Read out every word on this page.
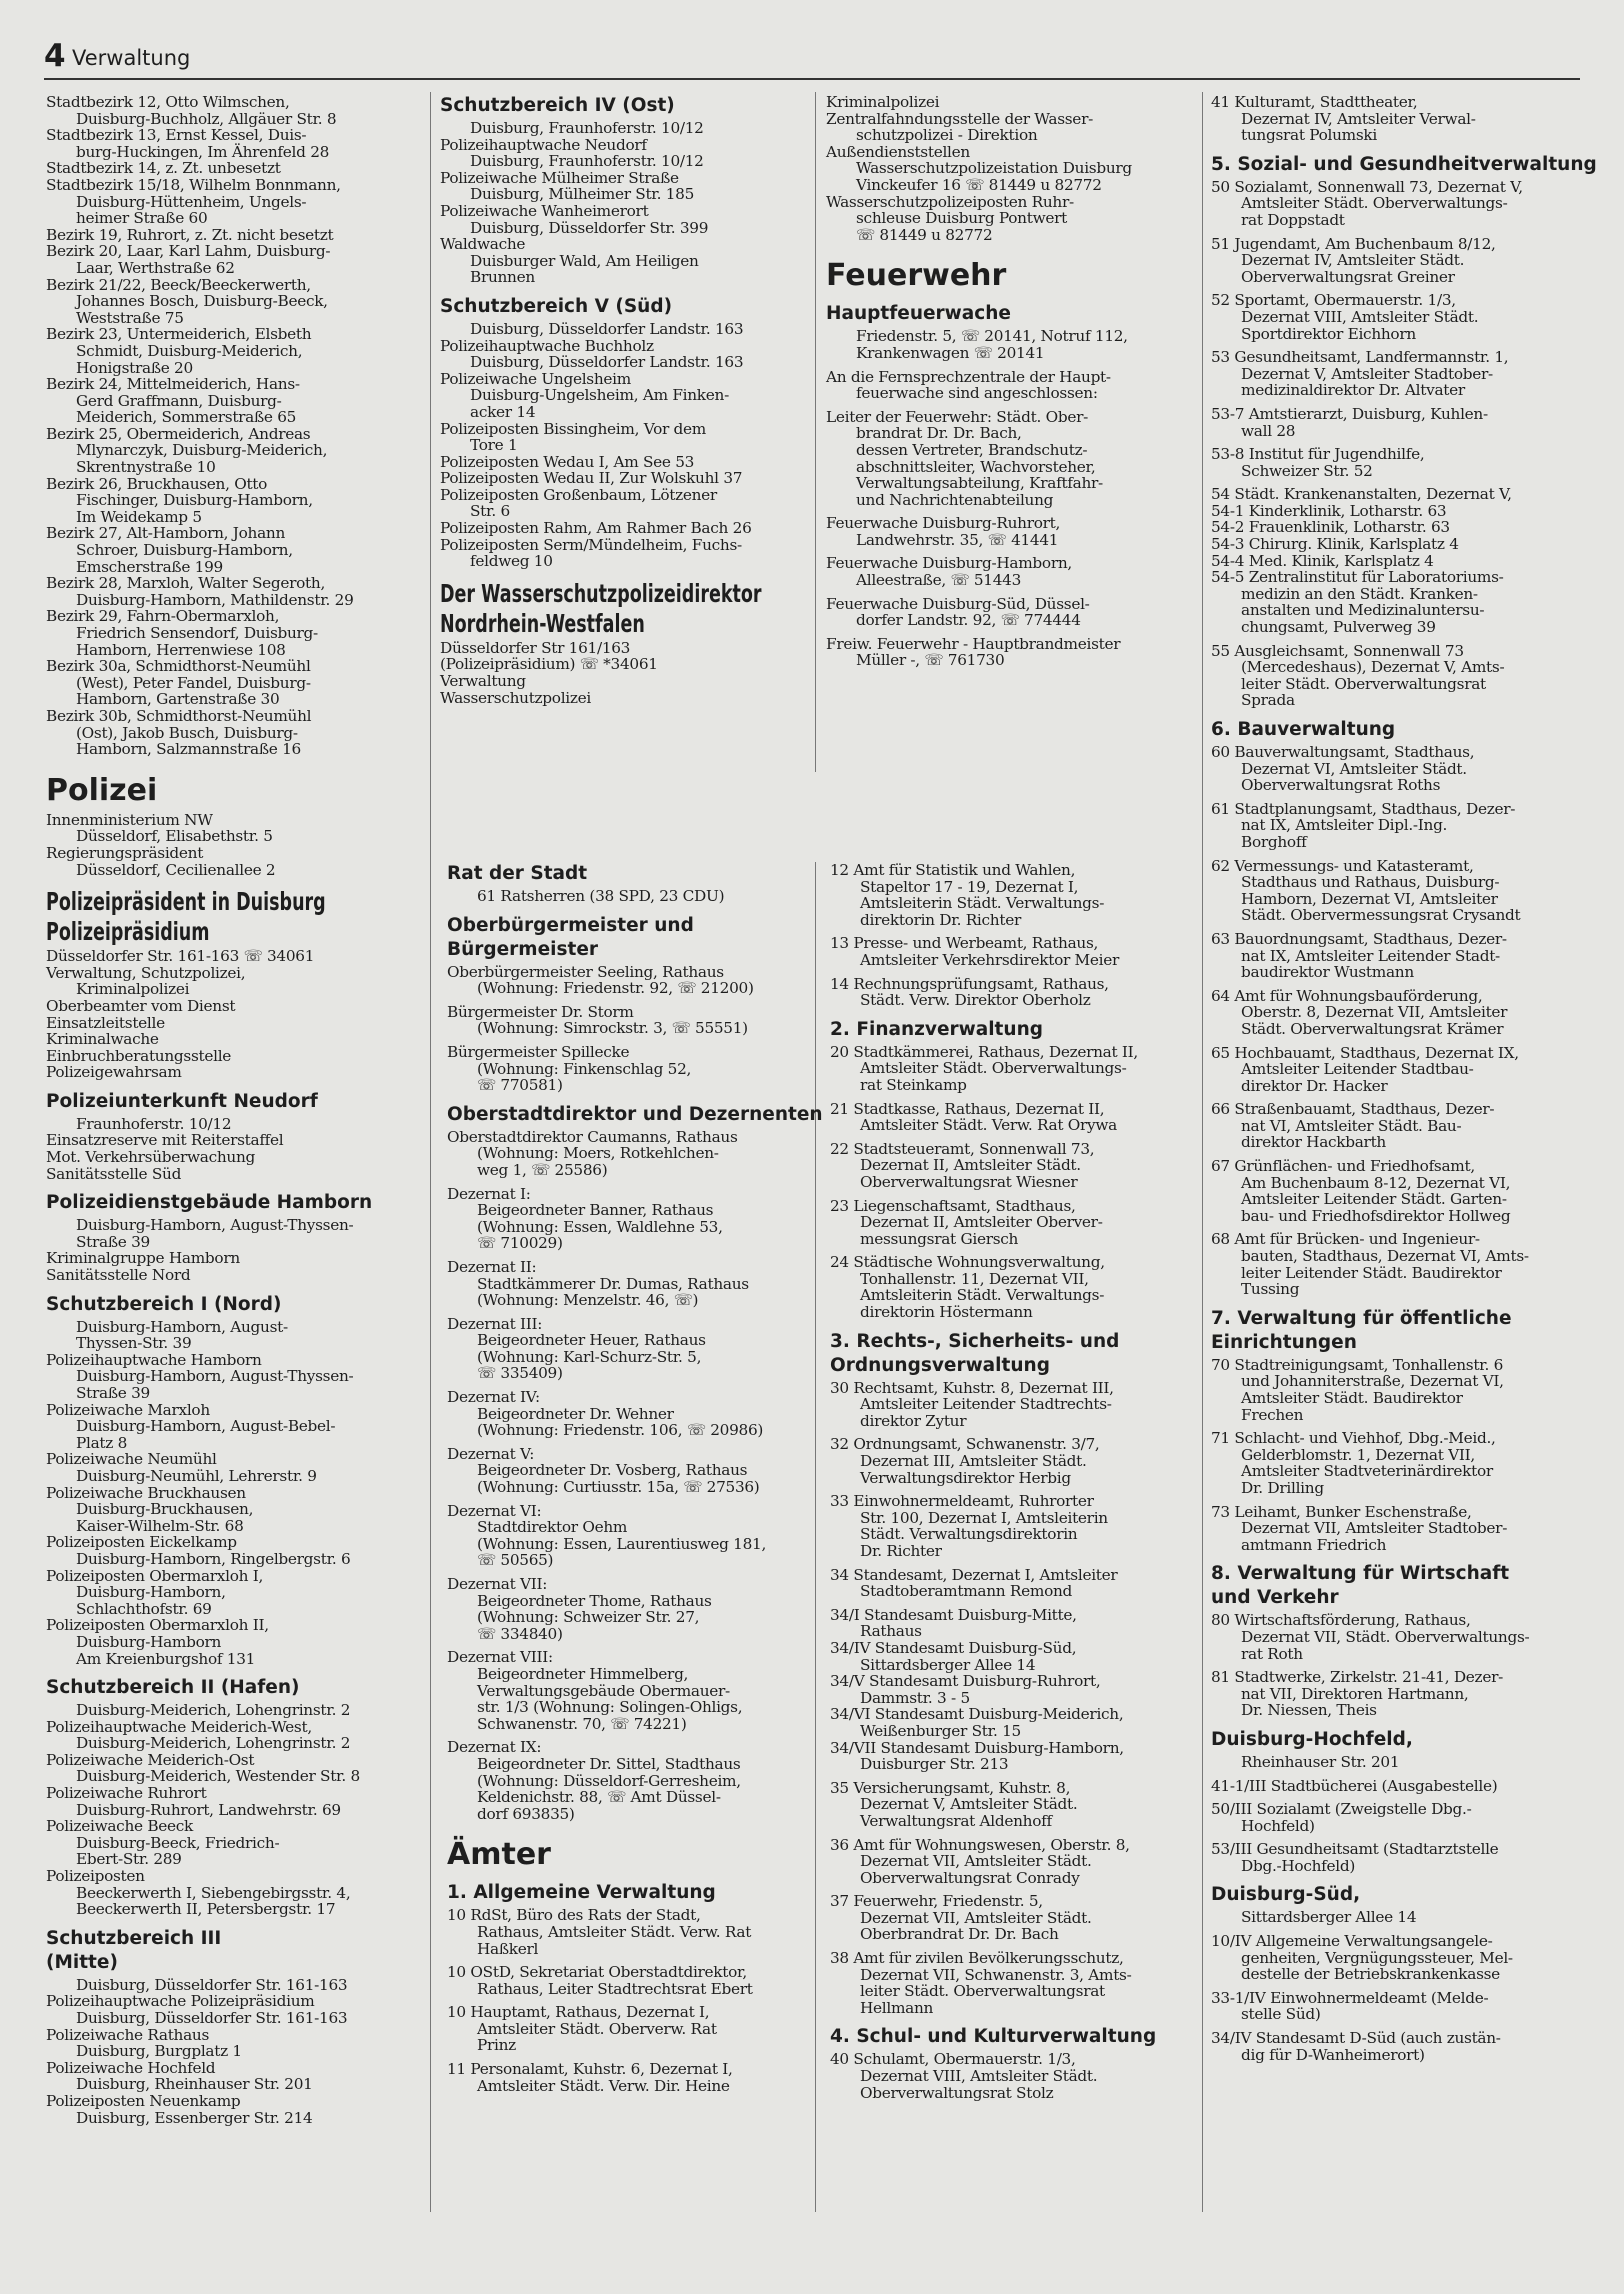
4 Verwaltung

Stadtbezirk 12, Otto Wilmschen,

Duisburg-Buchholz, Allgäuer Str. 8

Stadtbezirk 13, Ernst Kessel, Duis-

burg-Huckingen, Im Ährenfeld 28

Stadtbezirk 14, z. Zt. unbesetzt

Stadtbezirk 15/18, Wilhelm Bonnmann,

Duisburg-Hüttenheim, Ungels-

heimer Straße 60

Bezirk 19, Ruhrort, z. Zt. nicht besetzt

Bezirk 20, Laar, Karl Lahm, Duisburg-

Laar, Werthstraße 62

Bezirk 21/22, Beeck/Beeckerwerth,

Johannes Bosch, Duisburg-Beeck,

Weststraße 75

Bezirk 23, Untermeiderich, Elsbeth

Schmidt, Duisburg-Meiderich,

Honigstraße 20

Bezirk 24, Mittelmeiderich, Hans-

Gerd Graffmann, Duisburg-

Meiderich, Sommerstraße 65

Bezirk 25, Obermeiderich, Andreas

Mlynarczyk, Duisburg-Meiderich,

Skrentnystraße 10

Bezirk 26, Bruckhausen, Otto

Fischinger, Duisburg-Hamborn,

Im Weidekamp 5

Bezirk 27, Alt-Hamborn, Johann

Schroer, Duisburg-Hamborn,

Emscherstraße 199

Bezirk 28, Marxloh, Walter Segeroth,

Duisburg-Hamborn, Mathildenstr. 29

Bezirk 29, Fahrn-Obermarxloh,

Friedrich Sensendorf, Duisburg-

Hamborn, Herrenwiese 108

Bezirk 30a, Schmidthorst-Neumühl

(West), Peter Fandel, Duisburg-

Hamborn, Gartenstraße 30

Bezirk 30b, Schmidthorst-Neumühl

(Ost), Jakob Busch, Duisburg-

Hamborn, Salzmannstraße 16

Polizei

Innenministerium NW

Düsseldorf, Elisabethstr. 5

Regierungspräsident

Düsseldorf, Cecilienallee 2

Polizeipräsident in Duisburg

Polizeipräsidium

Düsseldorfer Str. 161-163 ☏ 34061

Verwaltung, Schutzpolizei,

Kriminalpolizei

Oberbeamter vom Dienst

Einsatzleitstelle

Kriminalwache

Einbruchberatungsstelle

Polizeigewahrsam

Polizeiunterkunft Neudorf

Fraunhoferstr. 10/12

Einsatzreserve mit Reiterstaffel

Mot. Verkehrsüberwachung

Sanitätsstelle Süd

Polizeidienstgebäude Hamborn

Duisburg-Hamborn, August-Thyssen-

Straße 39

Kriminalgruppe Hamborn

Sanitätsstelle Nord

Schutzbereich I (Nord)

Duisburg-Hamborn, August-

Thyssen-Str. 39

Polizeihauptwache Hamborn

Duisburg-Hamborn, August-Thyssen-

Straße 39

Polizeiwache Marxloh

Duisburg-Hamborn, August-Bebel-

Platz 8

Polizeiwache Neumühl

Duisburg-Neumühl, Lehrerstr. 9

Polizeiwache Bruckhausen

Duisburg-Bruckhausen,

Kaiser-Wilhelm-Str. 68

Polizeiposten Eickelkamp

Duisburg-Hamborn, Ringelbergstr. 6

Polizeiposten Obermarxloh I,

Duisburg-Hamborn,

Schlachthofstr. 69

Polizeiposten Obermarxloh II,

Duisburg-Hamborn

Am Kreienburgshof 131

Schutzbereich II (Hafen)

Duisburg-Meiderich, Lohengrinstr. 2

Polizeihauptwache Meiderich-West,

Duisburg-Meiderich, Lohengrinstr. 2

Polizeiwache Meiderich-Ost

Duisburg-Meiderich, Westender Str. 8

Polizeiwache Ruhrort

Duisburg-Ruhrort, Landwehrstr. 69

Polizeiwache Beeck

Duisburg-Beeck, Friedrich-

Ebert-Str. 289

Polizeiposten

Beeckerwerth I, Siebengebirgsstr. 4,

Beeckerwerth II, Petersbergstr. 17

Schutzbereich III

(Mitte)

Duisburg, Düsseldorfer Str. 161-163

Polizeihauptwache Polizeipräsidium

Duisburg, Düsseldorfer Str. 161-163

Polizeiwache Rathaus

Duisburg, Burgplatz 1

Polizeiwache Hochfeld

Duisburg, Rheinhauser Str. 201

Polizeiposten Neuenkamp

Duisburg, Essenberger Str. 214

Schutzbereich IV (Ost)

Duisburg, Fraunhoferstr. 10/12

Polizeihauptwache Neudorf

Duisburg, Fraunhoferstr. 10/12

Polizeiwache Mülheimer Straße

Duisburg, Mülheimer Str. 185

Polizeiwache Wanheimerort

Duisburg, Düsseldorfer Str. 399

Waldwache

Duisburger Wald, Am Heiligen

Brunnen

Schutzbereich V (Süd)

Duisburg, Düsseldorfer Landstr. 163

Polizeihauptwache Buchholz

Duisburg, Düsseldorfer Landstr. 163

Polizeiwache Ungelsheim

Duisburg-Ungelsheim, Am Finken-

acker 14

Polizeiposten Bissingheim, Vor dem

Tore 1

Polizeiposten Wedau I, Am See 53

Polizeiposten Wedau II, Zur Wolskuhl 37

Polizeiposten Großenbaum, Lötzener

Str. 6

Polizeiposten Rahm, Am Rahmer Bach 26

Polizeiposten Serm/Mündelheim, Fuchs-

feldweg 10

Der Wasserschutzpolizeidirektor

Nordrhein-Westfalen

Düsseldorfer Str 161/163

(Polizeipräsidium) ☏ *34061

Verwaltung

Wasserschutzpolizei

Kriminalpolizei

Zentralfahndungsstelle der Wasser-

schutzpolizei - Direktion

Außendienststellen

Wasserschutzpolizeistation Duisburg

Vinckeufer 16 ☏ 81449 u 82772

Wasserschutzpolizeiposten Ruhr-

schleuse Duisburg Pontwert

☏ 81449 u 82772

Feuerwehr

Hauptfeuerwache

Friedenstr. 5, ☏ 20141, Notruf 112,

Krankenwagen ☏ 20141

An die Fernsprechzentrale der Haupt-

feuerwache sind angeschlossen:

Leiter der Feuerwehr: Städt. Ober-

brandrat Dr. Dr. Bach,

dessen Vertreter, Brandschutz-

abschnittsleiter, Wachvorsteher,

Verwaltungsabteilung, Kraftfahr-

und Nachrichtenabteilung

Feuerwache Duisburg-Ruhrort,

Landwehrstr. 35, ☏ 41441

Feuerwache Duisburg-Hamborn,

Alleestraße, ☏ 51443

Feuerwache Duisburg-Süd, Düssel-

dorfer Landstr. 92, ☏ 774444

Freiw. Feuerwehr - Hauptbrandmeister

Müller -, ☏ 761730

Rat der Stadt

61 Ratsherren (38 SPD, 23 CDU)

Oberbürgermeister und

Bürgermeister

Oberbürgermeister Seeling, Rathaus

(Wohnung: Friedenstr. 92, ☏ 21200)

Bürgermeister Dr. Storm

(Wohnung: Simrockstr. 3, ☏ 55551)

Bürgermeister Spillecke

(Wohnung: Finkenschlag 52,

☏ 770581)

Oberstadtdirektor und Dezernenten

Oberstadtdirektor Caumanns, Rathaus

(Wohnung: Moers, Rotkehlchen-

weg 1, ☏ 25586)

Dezernat I:

Beigeordneter Banner, Rathaus

(Wohnung: Essen, Waldlehne 53,

☏ 710029)

Dezernat II:

Stadtkämmerer Dr. Dumas, Rathaus

(Wohnung: Menzelstr. 46, ☏)

Dezernat III:

Beigeordneter Heuer, Rathaus

(Wohnung: Karl-Schurz-Str. 5,

☏ 335409)

Dezernat IV:

Beigeordneter Dr. Wehner

(Wohnung: Friedenstr. 106, ☏ 20986)

Dezernat V:

Beigeordneter Dr. Vosberg, Rathaus

(Wohnung: Curtiusstr. 15a, ☏ 27536)

Dezernat VI:

Stadtdirektor Oehm

(Wohnung: Essen, Laurentiusweg 181,

☏ 50565)

Dezernat VII:

Beigeordneter Thome, Rathaus

(Wohnung: Schweizer Str. 27,

☏ 334840)

Dezernat VIII:

Beigeordneter Himmelberg,

Verwaltungsgebäude Obermauer-

str. 1/3 (Wohnung: Solingen-Ohligs,

Schwanenstr. 70, ☏ 74221)

Dezernat IX:

Beigeordneter Dr. Sittel, Stadthaus

(Wohnung: Düsseldorf-Gerresheim,

Keldenichstr. 88, ☏ Amt Düssel-

dorf 693835)

Ämter

1. Allgemeine Verwaltung

10 RdSt, Büro des Rats der Stadt,

Rathaus, Amtsleiter Städt. Verw. Rat

Haßkerl

10 OStD, Sekretariat Oberstadtdirektor,

Rathaus, Leiter Stadtrechtsrat Ebert

10 Hauptamt, Rathaus, Dezernat I,

Amtsleiter Städt. Oberverw. Rat

Prinz

11 Personalamt, Kuhstr. 6, Dezernat I,

Amtsleiter Städt. Verw. Dir. Heine

12 Amt für Statistik und Wahlen,

Stapeltor 17 - 19, Dezernat I,

Amtsleiterin Städt. Verwaltungs-

direktorin Dr. Richter

13 Presse- und Werbeamt, Rathaus,

Amtsleiter Verkehrsdirektor Meier

14 Rechnungsprüfungsamt, Rathaus,

Städt. Verw. Direktor Oberholz

2. Finanzverwaltung

20 Stadtkämmerei, Rathaus, Dezernat II,

Amtsleiter Städt. Oberverwaltungs-

rat Steinkamp

21 Stadtkasse, Rathaus, Dezernat II,

Amtsleiter Städt. Verw. Rat Orywa

22 Stadtsteueramt, Sonnenwall 73,

Dezernat II, Amtsleiter Städt.

Oberverwaltungsrat Wiesner

23 Liegenschaftsamt, Stadthaus,

Dezernat II, Amtsleiter Oberver-

messungsrat Giersch

24 Städtische Wohnungsverwaltung,

Tonhallenstr. 11, Dezernat VII,

Amtsleiterin Städt. Verwaltungs-

direktorin Höstermann

3. Rechts-, Sicherheits- und

Ordnungsverwaltung

30 Rechtsamt, Kuhstr. 8, Dezernat III,

Amtsleiter Leitender Stadtrechts-

direktor Zytur

32 Ordnungsamt, Schwanenstr. 3/7,

Dezernat III, Amtsleiter Städt.

Verwaltungsdirektor Herbig

33 Einwohnermeldeamt, Ruhrorter

Str. 100, Dezernat I, Amtsleiterin

Städt. Verwaltungsdirektorin

Dr. Richter

34 Standesamt, Dezernat I, Amtsleiter

Stadtoberamtmann Remond

34/I Standesamt Duisburg-Mitte,

Rathaus

34/IV Standesamt Duisburg-Süd,

Sittardsberger Allee 14

34/V Standesamt Duisburg-Ruhrort,

Dammstr. 3 - 5

34/VI Standesamt Duisburg-Meiderich,

Weißenburger Str. 15

34/VII Standesamt Duisburg-Hamborn,

Duisburger Str. 213

35 Versicherungsamt, Kuhstr. 8,

Dezernat V, Amtsleiter Städt.

Verwaltungsrat Aldenhoff

36 Amt für Wohnungswesen, Oberstr. 8,

Dezernat VII, Amtsleiter Städt.

Oberverwaltungsrat Conrady

37 Feuerwehr, Friedenstr. 5,

Dezernat VII, Amtsleiter Städt.

Oberbrandrat Dr. Dr. Bach

38 Amt für zivilen Bevölkerungsschutz,

Dezernat VII, Schwanenstr. 3, Amts-

leiter Städt. Oberverwaltungsrat

Hellmann

4. Schul- und Kulturverwaltung

40 Schulamt, Obermauerstr. 1/3,

Dezernat VIII, Amtsleiter Städt.

Oberverwaltungsrat Stolz

41 Kulturamt, Stadttheater,

Dezernat IV, Amtsleiter Verwal-

tungsrat Polumski

5. Sozial- und Gesundheitverwaltung

50 Sozialamt, Sonnenwall 73, Dezernat V,

Amtsleiter Städt. Oberverwaltungs-

rat Doppstadt

51 Jugendamt, Am Buchenbaum 8/12,

Dezernat IV, Amtsleiter Städt.

Oberverwaltungsrat Greiner

52 Sportamt, Obermauerstr. 1/3,

Dezernat VIII, Amtsleiter Städt.

Sportdirektor Eichhorn

53 Gesundheitsamt, Landfermannstr. 1,

Dezernat V, Amtsleiter Stadtober-

medizinaldirektor Dr. Altvater

53-7 Amtstierarzt, Duisburg, Kuhlen-

wall 28

53-8 Institut für Jugendhilfe,

Schweizer Str. 52

54 Städt. Krankenanstalten, Dezernat V,

54-1 Kinderklinik, Lotharstr. 63

54-2 Frauenklinik, Lotharstr. 63

54-3 Chirurg. Klinik, Karlsplatz 4

54-4 Med. Klinik, Karlsplatz 4

54-5 Zentralinstitut für Laboratoriums-

medizin an den Städt. Kranken-

anstalten und Medizinaluntersu-

chungsamt, Pulverweg 39

55 Ausgleichsamt, Sonnenwall 73

(Mercedeshaus), Dezernat V, Amts-

leiter Städt. Oberverwaltungsrat

Sprada

6. Bauverwaltung

60 Bauverwaltungsamt, Stadthaus,

Dezernat VI, Amtsleiter Städt.

Oberverwaltungsrat Roths

61 Stadtplanungsamt, Stadthaus, Dezer-

nat IX, Amtsleiter Dipl.-Ing.

Borghoff

62 Vermessungs- und Katasteramt,

Stadthaus und Rathaus, Duisburg-

Hamborn, Dezernat VI, Amtsleiter

Städt. Obervermessungsrat Crysandt

63 Bauordnungsamt, Stadthaus, Dezer-

nat IX, Amtsleiter Leitender Stadt-

baudirektor Wustmann

64 Amt für Wohnungsbauförderung,

Oberstr. 8, Dezernat VII, Amtsleiter

Städt. Oberverwaltungsrat Krämer

65 Hochbauamt, Stadthaus, Dezernat IX,

Amtsleiter Leitender Stadtbau-

direktor Dr. Hacker

66 Straßenbauamt, Stadthaus, Dezer-

nat VI, Amtsleiter Städt. Bau-

direktor Hackbarth

67 Grünflächen- und Friedhofsamt,

Am Buchenbaum 8-12, Dezernat VI,

Amtsleiter Leitender Städt. Garten-

bau- und Friedhofsdirektor Hollweg

68 Amt für Brücken- und Ingenieur-

bauten, Stadthaus, Dezernat VI, Amts-

leiter Leitender Städt. Baudirektor

Tussing

7. Verwaltung für öffentliche

Einrichtungen

70 Stadtreinigungsamt, Tonhallenstr. 6

und Johanniterstraße, Dezernat VI,

Amtsleiter Städt. Baudirektor

Frechen

71 Schlacht- und Viehhof, Dbg.-Meid.,

Gelderblomstr. 1, Dezernat VII,

Amtsleiter Stadtveterinärdirektor

Dr. Drilling

73 Leihamt, Bunker Eschenstraße,

Dezernat VII, Amtsleiter Stadtober-

amtmann Friedrich

8. Verwaltung für Wirtschaft

und Verkehr

80 Wirtschaftsförderung, Rathaus,

Dezernat VII, Städt. Oberverwaltungs-

rat Roth

81 Stadtwerke, Zirkelstr. 21-41, Dezer-

nat VII, Direktoren Hartmann,

Dr. Niessen, Theis

Duisburg-Hochfeld,

Rheinhauser Str. 201

41-1/III Stadtbücherei (Ausgabestelle)

50/III Sozialamt (Zweigstelle Dbg.-

Hochfeld)

53/III Gesundheitsamt (Stadtarztstelle

Dbg.-Hochfeld)

Duisburg-Süd,

Sittardsberger Allee 14

10/IV Allgemeine Verwaltungsangele-

genheiten, Vergnügungssteuer, Mel-

destelle der Betriebskrankenkasse

33-1/IV Einwohnermeldeamt (Melde-

stelle Süd)

34/IV Standesamt D-Süd (auch zustän-

dig für D-Wanheimerort)
